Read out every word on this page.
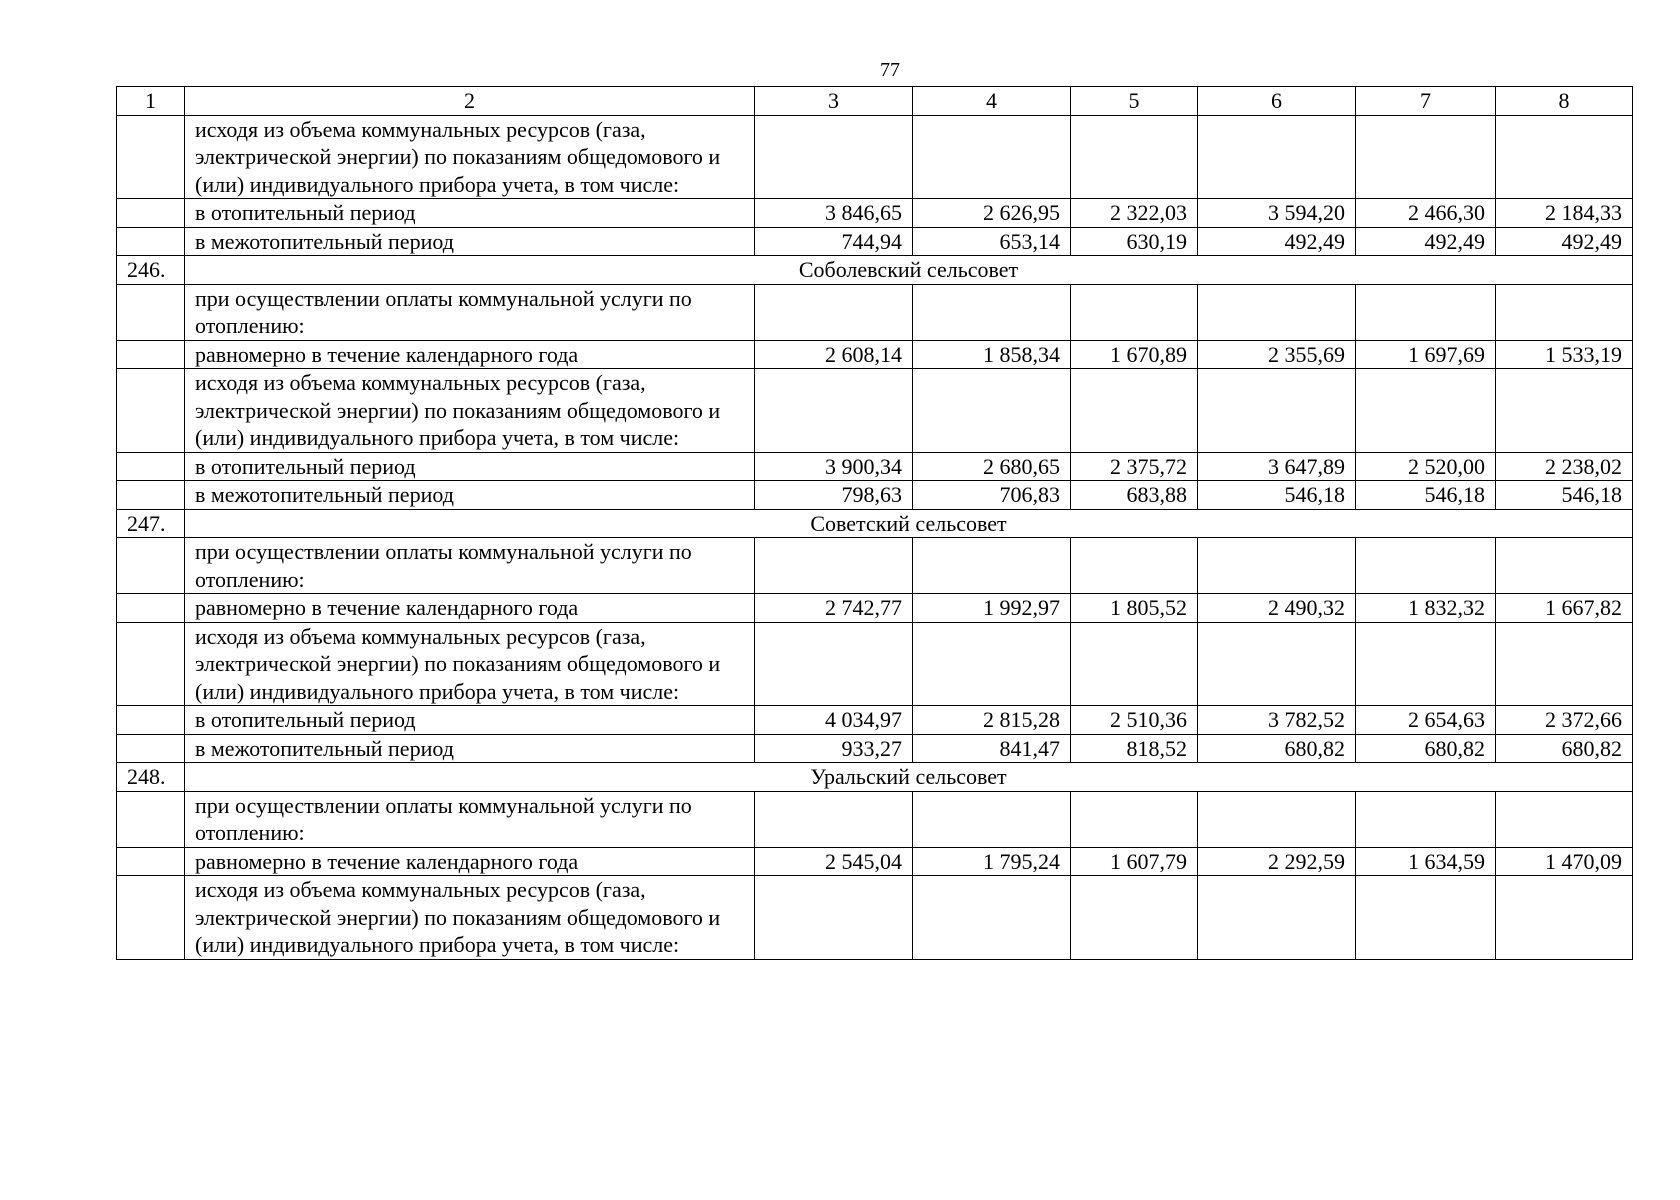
77
1	2	3	4	5	6	7	8
	исходя из объема коммунальных ресурсов (газа, электрической энергии) по показаниям общедомового и (или) индивидуального прибора учета, в том числе:						
	в отопительный период	3 846,65	2 626,95	2 322,03	3 594,20	2 466,30	2 184,33
	в межотопительный период	744,94	653,14	630,19	492,49	492,49	492,49
246.	Соболевский сельсовет						
	при осуществлении оплаты коммунальной услуги по отоплению:						
	равномерно в течение календарного года	2 608,14	1 858,34	1 670,89	2 355,69	1 697,69	1 533,19
	исходя из объема коммунальных ресурсов (газа, электрической энергии) по показаниям общедомового и (или) индивидуального прибора учета, в том числе:						
	в отопительный период	3 900,34	2 680,65	2 375,72	3 647,89	2 520,00	2 238,02
	в межотопительный период	798,63	706,83	683,88	546,18	546,18	546,18
247.	Советский сельсовет						
	при осуществлении оплаты коммунальной услуги по отоплению:						
	равномерно в течение календарного года	2 742,77	1 992,97	1 805,52	2 490,32	1 832,32	1 667,82
	исходя из объема коммунальных ресурсов (газа, электрической энергии) по показаниям общедомового и (или) индивидуального прибора учета, в том числе:						
	в отопительный период	4 034,97	2 815,28	2 510,36	3 782,52	2 654,63	2 372,66
	в межотопительный период	933,27	841,47	818,52	680,82	680,82	680,82
248.	Уральский сельсовет						
	при осуществлении оплаты коммунальной услуги по отоплению:						
	равномерно в течение календарного года	2 545,04	1 795,24	1 607,79	2 292,59	1 634,59	1 470,09
	исходя из объема коммунальных ресурсов (газа, электрической энергии) по показаниям общедомового и (или) индивидуального прибора учета, в том числе:						
